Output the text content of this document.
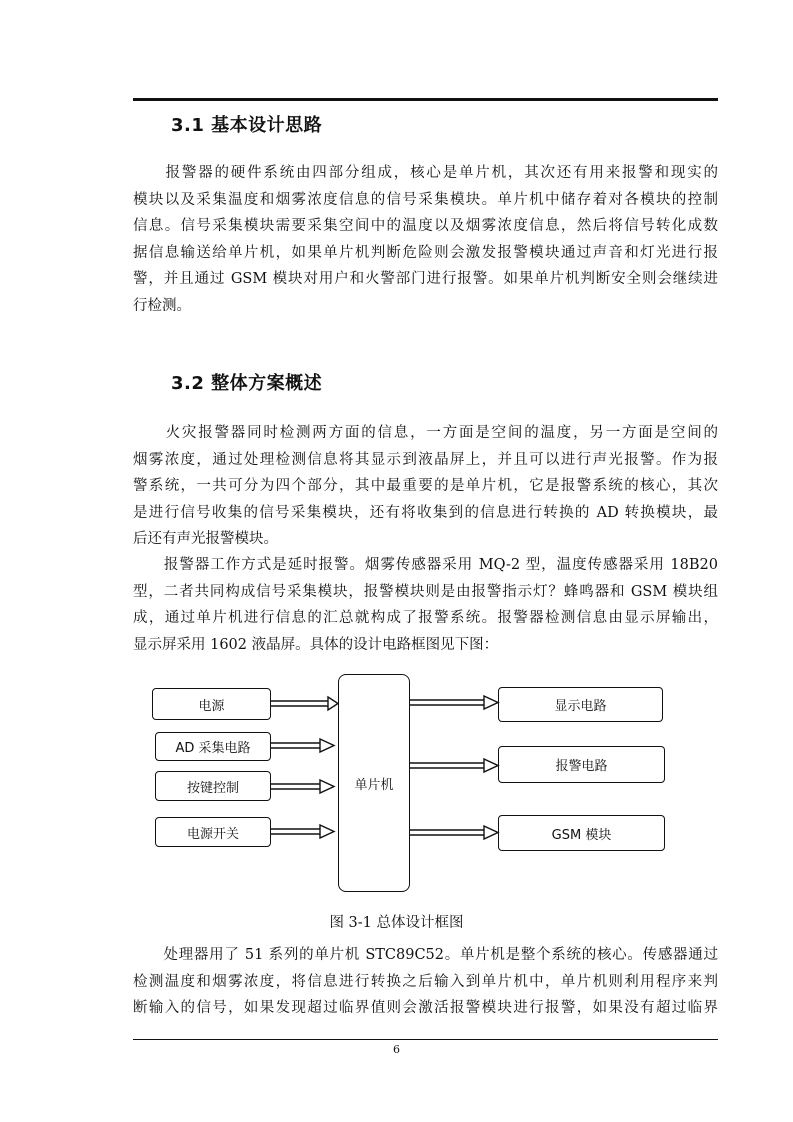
3.1 基本设计思路
　　报警器的硬件系统由四部分组成，核心是单片机，其次还有用来报警和现实的
模块以及采集温度和烟雾浓度信息的信号采集模块。单片机中储存着对各模块的控制
信息。信号采集模块需要采集空间中的温度以及烟雾浓度信息，然后将信号转化成数
据信息输送给单片机，如果单片机判断危险则会激发报警模块通过声音和灯光进行报
警，并且通过 GSM 模块对用户和火警部门进行报警。如果单片机判断安全则会继续进
行检测。
3.2 整体方案概述
　　火灾报警器同时检测两方面的信息，一方面是空间的温度，另一方面是空间的
烟雾浓度，通过处理检测信息将其显示到液晶屏上，并且可以进行声光报警。作为报
警系统，一共可分为四个部分，其中最重要的是单片机，它是报警系统的核心，其次
是进行信号收集的信号采集模块，还有将收集到的信息进行转换的 AD 转换模块，最
后还有声光报警模块。
　　报警器工作方式是延时报警。烟雾传感器采用 MQ-2 型，温度传感器采用 18B20
型，二者共同构成信号采集模块，报警模块则是由报警指示灯？蜂鸣器和 GSM 模块组
成，通过单片机进行信息的汇总就构成了报警系统。报警器检测信息由显示屏输出，
显示屏采用 1602 液晶屏。具体的设计电路框图见下图：
电源
AD 采集电路
按键控制
电源开关
单片机
显示电路
报警电路
GSM 模块
图 3-1 总体设计框图
　　处理器用了 51 系列的单片机 STC89C52。单片机是整个系统的核心。传感器通过
检测温度和烟雾浓度，将信息进行转换之后输入到单片机中，单片机则利用程序来判
断输入的信号，如果发现超过临界值则会激活报警模块进行报警，如果没有超过临界
6
